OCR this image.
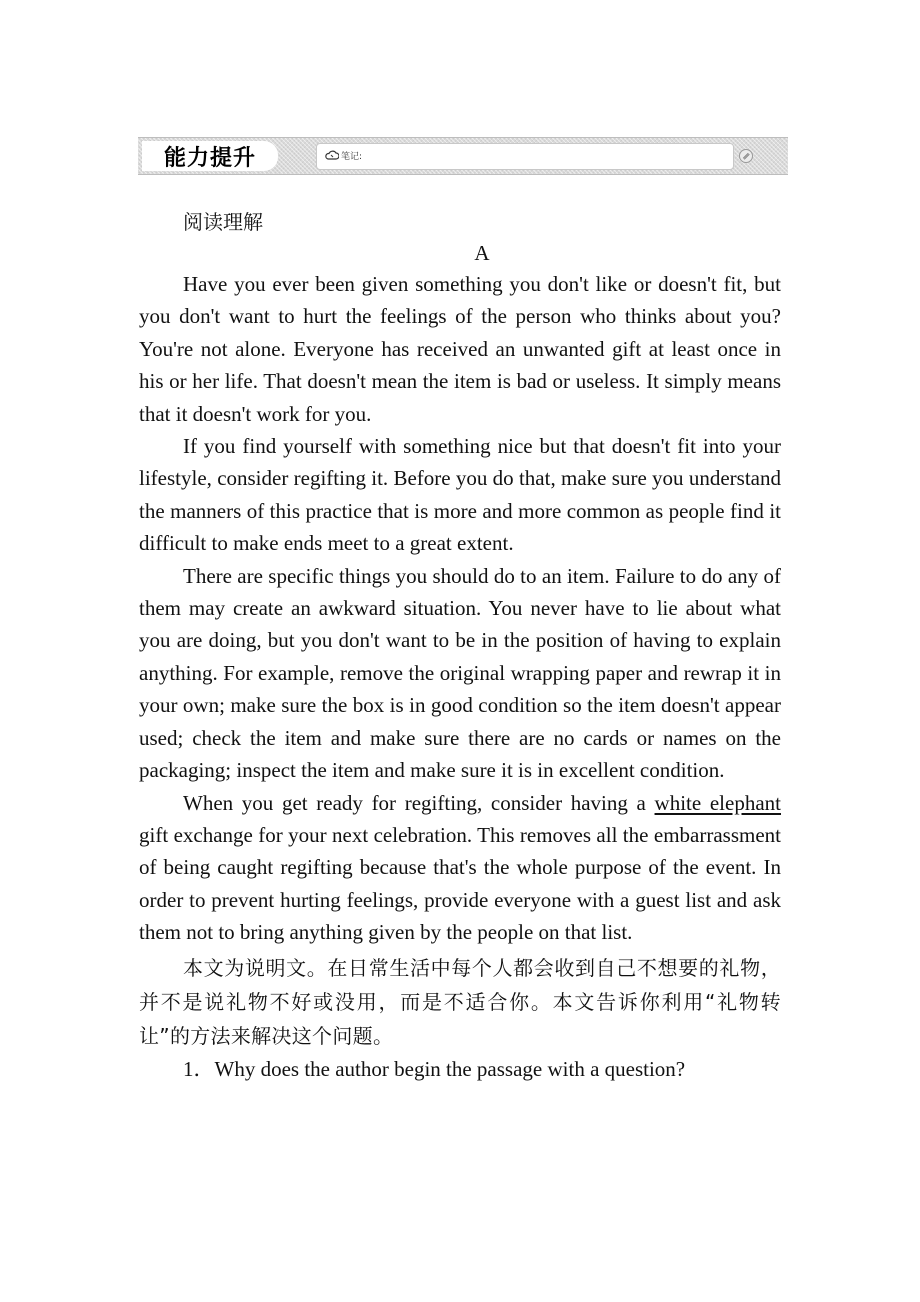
能力提升	笔记:
阅读理解
A

Have you ever been given something you don't like or doesn't fit, but you don't want to hurt the feelings of the person who thinks about you? You're not alone. Everyone has received an unwanted gift at least once in his or her life. That doesn't mean the item is bad or useless. It simply means that it doesn't work for you.

If you find yourself with something nice but that doesn't fit into your lifestyle, consider regifting it. Before you do that, make sure you understand the manners of this practice that is more and more common as people find it difficult to make ends meet to a great extent.

There are specific things you should do to an item. Failure to do any of them may create an awkward situation. You never have to lie about what you are doing, but you don't want to be in the position of having to explain anything. For example, remove the original wrapping paper and rewrap it in your own; make sure the box is in good condition so the item doesn't appear used; check the item and make sure there are no cards or names on the packaging; inspect the item and make sure it is in excellent condition.

When you get ready for regifting, consider having a white elephant gift exchange for your next celebration. This removes all the embarrassment of being caught regifting because that's the whole purpose of the event. In order to prevent hurting feelings, provide everyone with a guest list and ask them not to bring anything given by the people on that list.

本文为说明文。在日常生活中每个人都会收到自己不想要的礼物，并不是说礼物不好或没用，而是不适合你。本文告诉你利用“礼物转让”的方法来解决这个问题。

1．Why does the author begin the passage with a question?
